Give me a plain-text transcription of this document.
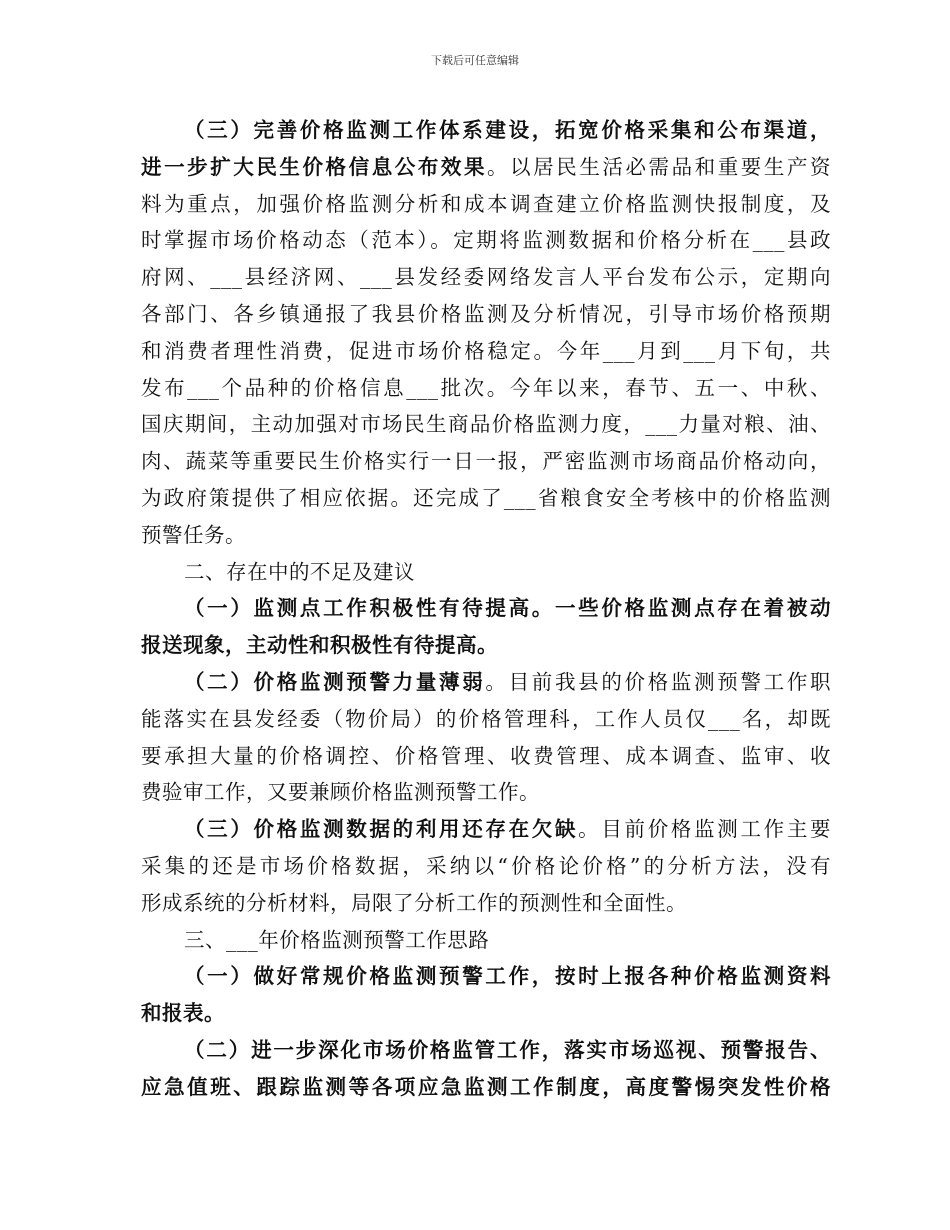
下载后可任意编辑
（三）完善价格监测工作体系建设，拓宽价格采集和公布渠道，
进一步扩大民生价格信息公布效果。以居民生活必需品和重要生产资
料为重点，加强价格监测分析和成本调查建立价格监测快报制度，及
时掌握市场价格动态（范本）。定期将监测数据和价格分析在___县政
府网、___县经济网、___县发经委网络发言人平台发布公示，定期向
各部门、各乡镇通报了我县价格监测及分析情况，引导市场价格预期
和消费者理性消费，促进市场价格稳定。今年___月到___月下旬，共
发布___个品种的价格信息___批次。今年以来，春节、五一、中秋、
国庆期间，主动加强对市场民生商品价格监测力度，___力量对粮、油、
肉、蔬菜等重要民生价格实行一日一报，严密监测市场商品价格动向，
为政府策提供了相应依据。还完成了___省粮食安全考核中的价格监测
预警任务。
二、存在中的不足及建议
（一）监测点工作积极性有待提高。一些价格监测点存在着被动
报送现象，主动性和积极性有待提高。
（二）价格监测预警力量薄弱。目前我县的价格监测预警工作职
能落实在县发经委（物价局）的价格管理科，工作人员仅___名，却既
要承担大量的价格调控、价格管理、收费管理、成本调查、监审、收
费验审工作，又要兼顾价格监测预警工作。
（三）价格监测数据的利用还存在欠缺。目前价格监测工作主要
采集的还是市场价格数据，采纳以“价格论价格”的分析方法，没有
形成系统的分析材料，局限了分析工作的预测性和全面性。
三、___年价格监测预警工作思路
（一）做好常规价格监测预警工作，按时上报各种价格监测资料
和报表。
（二）进一步深化市场价格监管工作，落实市场巡视、预警报告、
应急值班、跟踪监测等各项应急监测工作制度，高度警惕突发性价格
